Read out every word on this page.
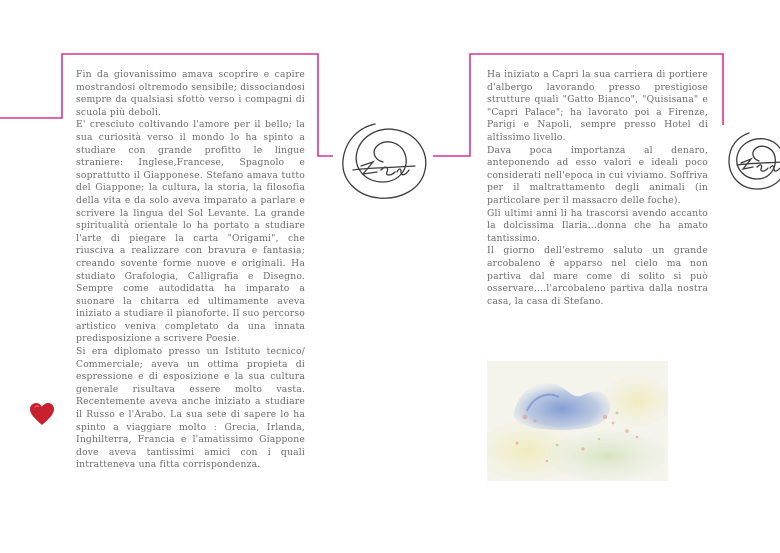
Fin da giovanissimo amava scoprire e capire mostrandosi oltremodo sensibile; dissociandosi sempre da qualsiasi sfottò verso i compagni di scuola più deboli.

E' cresciuto coltivando l'amore per il bello; la sua curiosità verso il mondo lo ha spinto a studiare con grande profitto le lingue straniere: Inglese,Francese, Spagnolo e soprattutto il Giapponese. Stefano amava tutto del Giappone; la cultura, la storia, la filosofia della vita e da solo aveva imparato a parlare e scrivere la lingua del Sol Levante. La grande spiritualità orientale lo ha portato a studiare l'arte di piegare la carta "Origami", che riusciva a realizzare con bravura e fantasia; creando sovente forme nuove e originali. Ha studiato Grafologia, Calligrafia e Disegno. Sempre come autodidatta ha imparato a suonare la chitarra ed ultimamente aveva iniziato a studiare il pianoforte. Il suo percorso artistico veniva completato da una innata predisposizione a scrivere Poesie.

Si era diplomato presso un Istituto tecnico/ Commerciale; aveva un ottima propieta di espressione e di esposizione e la sua cultura generale risultava essere molto vasta. Recentemente aveva anche iniziato a studiare il Russo e l'Arabo. La sua sete di sapere lo ha spinto a viaggiare molto : Grecia, Irlanda, Inghilterra, Francia e l'amatissimo Giappone dove aveva tantissimi amici con i quali intratteneva una fitta corrispondenza.

Ha iniziato a Capri la sua carriera di portiere d'albergo lavorando presso prestigiose strutture quali "Gatto Bianco", "Quisisana" e "Capri Palace"; ha lavorato poi a Firenze, Parigi e Napoli, sempre presso Hotel di altissimo livello.

Dava poca importanza al denaro, anteponendo ad esso valori e ideali poco considerati nell'epoca in cui viviamo. Soffriva per il maltrattamento degli animali (in particolare per il massacro delle foche).

Gli ultimi anni li ha trascorsi avendo accanto la dolcissima Ilaria...donna che ha amato tantissimo.

Il giorno dell'estremo saluto un grande arcobaleno è apparso nel cielo ma non partiva dal mare come di solito si può osservare....l'arcobaleno partiva dalla nostra casa, la casa di Stefano.
